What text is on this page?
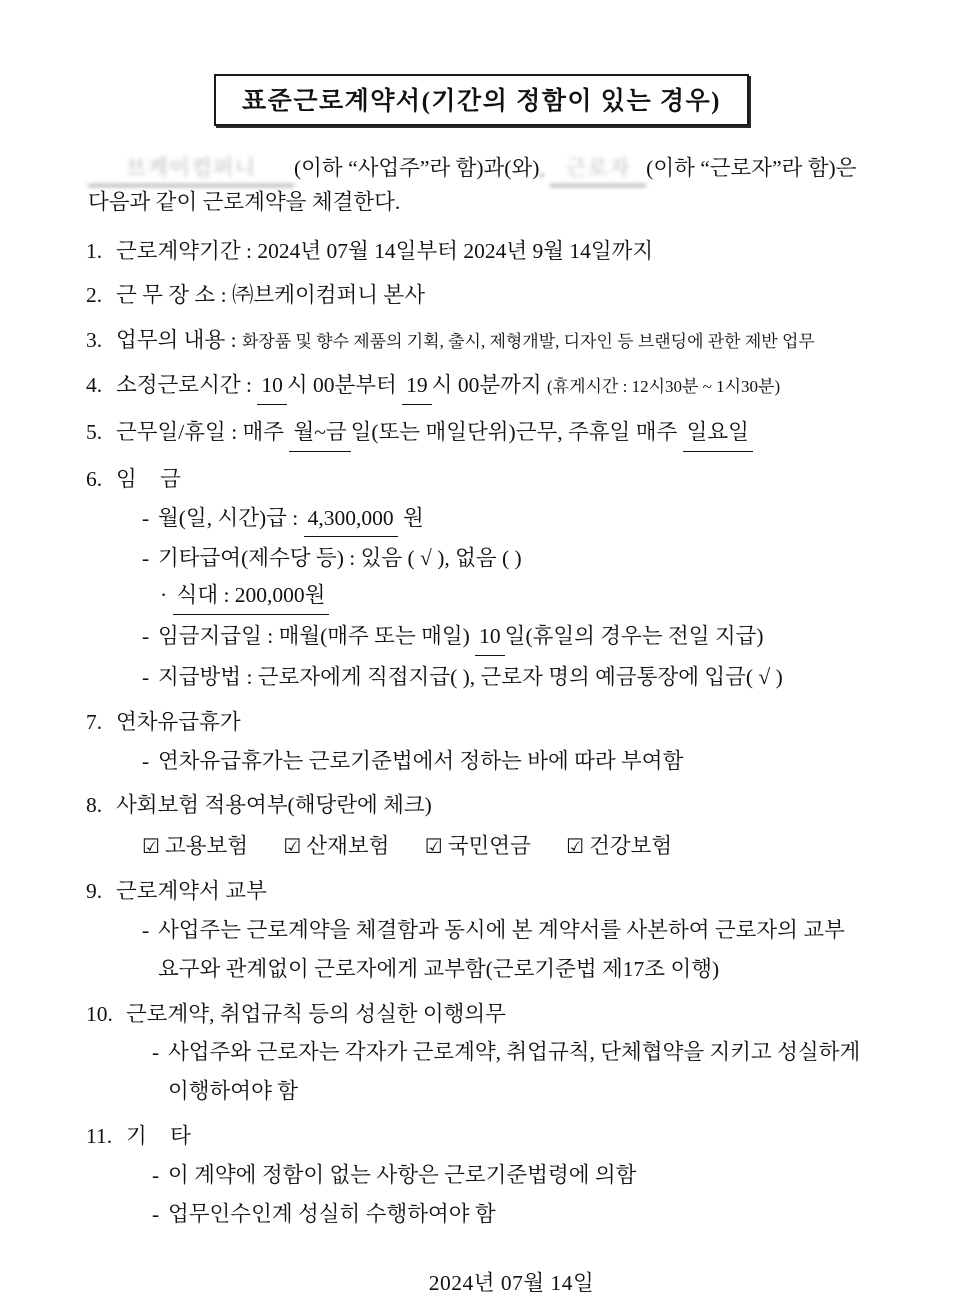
표준근로계약서(기간의 정함이 있는 경우)
브케이컴퍼니 (이하 “사업주”라 함)과(와), 근로자 (이하 “근로자”라 함)은
다음과 같이 근로계약을 체결한다.
1. 근로계약기간 : 2024년 07월 14일부터 2024년 9월 14일까지
2. 근 무 장 소 : ㈜브케이컴퍼니 본사
3. 업무의 내용 : 화장품 및 향수 제품의 기획, 출시, 제형개발, 디자인 등 브랜딩에 관한 제반 업무
4. 소정근로시간 : 10 시 00분부터 19 시 00분까지 (휴게시간 : 12시30분 ~ 1시30분)
5. 근무일/휴일 : 매주 월~금 일(또는 매일단위)근무, 주휴일 매주 일요일
6. 임 금
- 월(일, 시간)급 : 4,300,000 원
- 기타급여(제수당 등) : 있음 ( √ ), 없음 ( )
· 식대 : 200,000원
- 임금지급일 : 매월(매주 또는 매일) 10 일(휴일의 경우는 전일 지급)
- 지급방법 : 근로자에게 직접지급( ), 근로자 명의 예금통장에 입금( √ )
7. 연차유급휴가
- 연차유급휴가는 근로기준법에서 정하는 바에 따라 부여함
8. 사회보험 적용여부(해당란에 체크)
☑ 고용보험 ☑ 산재보험 ☑ 국민연금 ☑ 건강보험
9. 근로계약서 교부
- 사업주는 근로계약을 체결함과 동시에 본 계약서를 사본하여 근로자의 교부
요구와 관계없이 근로자에게 교부함(근로기준법 제17조 이행)
10. 근로계약, 취업규칙 등의 성실한 이행의무
- 사업주와 근로자는 각자가 근로계약, 취업규칙, 단체협약을 지키고 성실하게
이행하여야 함
11. 기 타
- 이 계약에 정함이 없는 사항은 근로기준법령에 의함
- 업무인수인계 성실히 수행하여야 함
2024년 07월 14일
